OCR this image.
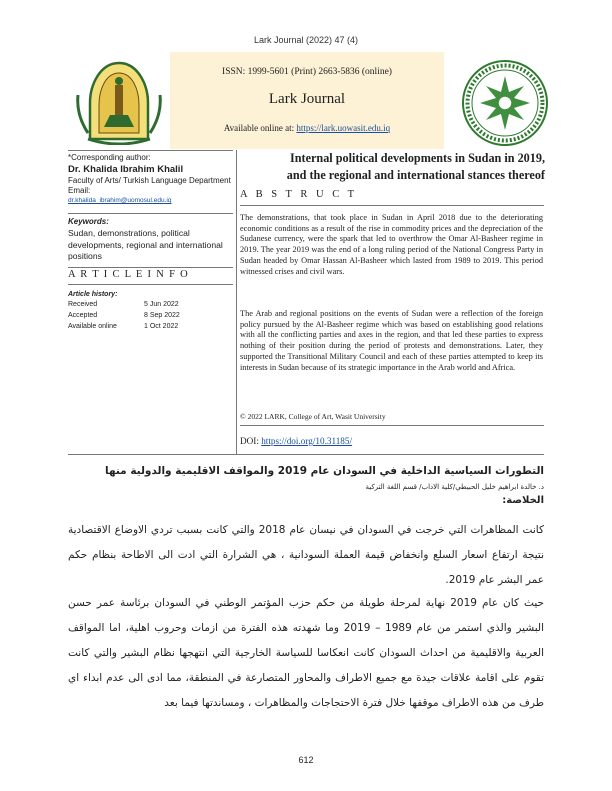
Lark Journal (2022) 47 (4)
ISSN: 1999-5601 (Print) 2663-5836 (online)
Lark Journal
Available online at: https://lark.uowasit.edu.iq
*Corresponding author:
Dr. Khalida Ibrahim Khalil
Faculty of Arts/ Turkish Language Department
Email:
dr.khalida_ibrahim@uomosul.edu.iq
Keywords:
Sudan, demonstrations, political developments, regional and international positions
A R T I C L E I N F O
Article history:
Received	5 Jun 2022
Accepted	8 Sep 2022
Available online	1 Oct 2022
Internal political developments in Sudan in 2019,
and the regional and international stances thereof
A B S T R U C T
The demonstrations, that took place in Sudan in April 2018 due to the deteriorating economic conditions as a result of the rise in commodity prices and the depreciation of the Sudanese currency, were the spark that led to overthrow the Omar Al-Basheer regime in 2019. The year 2019 was the end of a long ruling period of the National Congress Party in Sudan headed by Omar Hassan Al-Basheer which lasted from 1989 to 2019. This period witnessed crises and civil wars.
The Arab and regional positions on the events of Sudan were a reflection of the foreign policy pursued by the Al-Basheer regime which was based on establishing good relations with all the conflicting parties and axes in the region, and that led these parties to express nothing of their position during the period of protests and demonstrations. Later, they supported the Transitional Military Council and each of these parties attempted to keep its interests in Sudan because of its strategic importance in the Arab world and Africa.
© 2022 LARK, College of Art, Wasit University
DOI: https://doi.org/10.31185/
التطورات السياسية الداخلية في السودان عام 2019 والمواقف الاقليمية والدولية منها
د. خالدة ابراهيم خليل الحبيطي/كلية الاداب/ قسم اللغة التركية
الخلاصة:
كانت المظاهرات التي خرجت في السودان في نيسان عام 2018 والتي كانت بسبب تردي الاوضاع الاقتصادية نتيجة ارتفاع اسعار السلع وانخفاض قيمة العملة السودانية ، هي الشرارة التي ادت الى الاطاحة بنظام حكم عمر البشر عام 2019.
حيث كان عام 2019 نهاية لمرحلة طويلة من حكم حزب المؤتمر الوطني في السودان برئاسة عمر حسن البشير والذي استمر من عام 1989 – 2019 وما شهدته هذه الفترة من ازمات وحروب اهلية، اما المواقف العربية والاقليمية من احداث السودان كانت انعكاسا للسياسة الخارجية التي انتهجها نظام البشير والتي كانت تقوم على اقامة علاقات جيدة مع جميع الاطراف والمحاور المتصارعة في المنطقة، مما ادى الى عدم ابداء اي طرف من هذه الاطراف موقفها خلال فترة الاحتجاجات والمظاهرات ، ومساندتها فيما بعد
612
